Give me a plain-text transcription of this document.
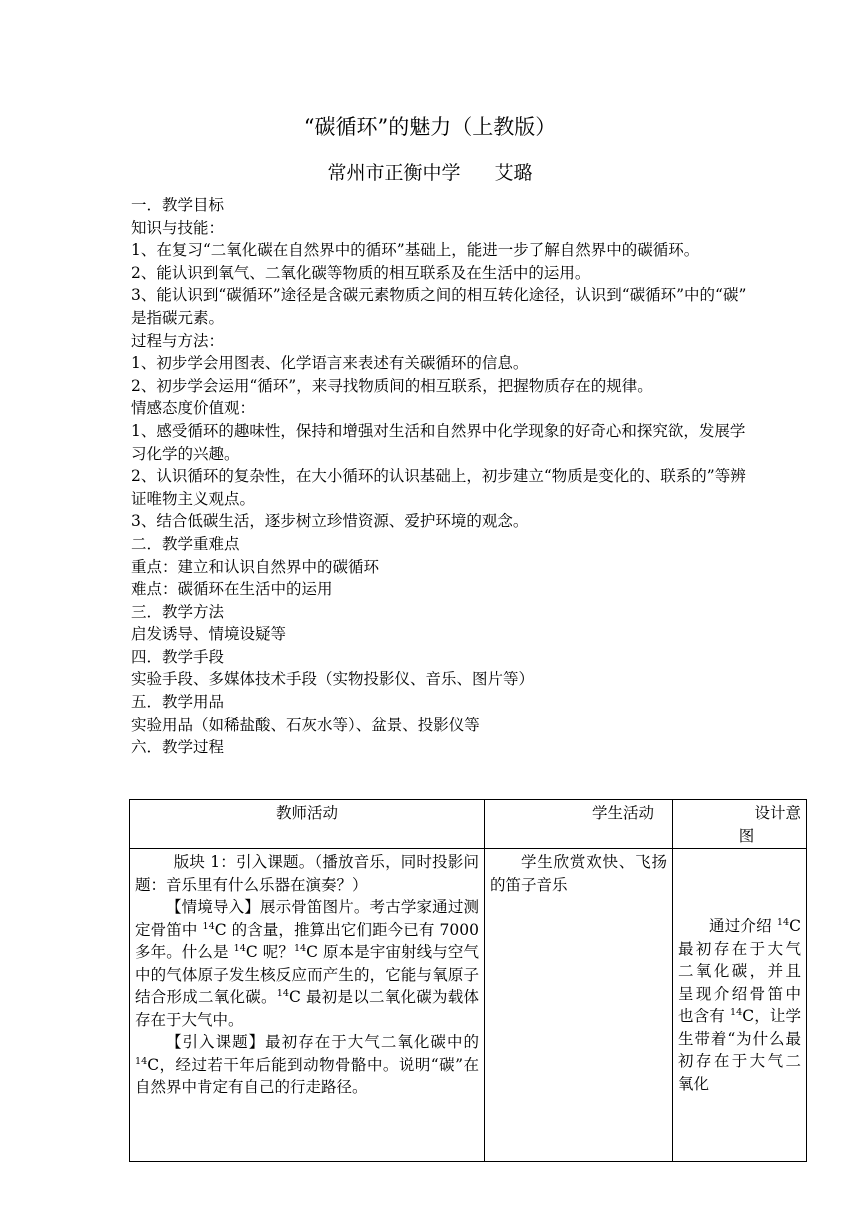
“碳循环”的魅力（上教版）
常州市正衡中学 艾璐

一．教学目标

知识与技能：

1、在复习“二氧化碳在自然界中的循环”基础上，能进一步了解自然界中的碳循环。

2、能认识到氧气、二氧化碳等物质的相互联系及在生活中的运用。

3、能认识到“碳循环”途径是含碳元素物质之间的相互转化途径，认识到“碳循环”中的“碳”

是指碳元素。

过程与方法：

1、初步学会用图表、化学语言来表述有关碳循环的信息。

2、初步学会运用“循环”，来寻找物质间的相互联系，把握物质存在的规律。

情感态度价值观：

1、感受循环的趣味性，保持和增强对生活和自然界中化学现象的好奇心和探究欲，发展学习化学的兴趣。

2、认识循环的复杂性，在大小循环的认识基础上，初步建立“物质是变化的、联系的”等辨证唯物主义观点。

3、结合低碳生活，逐步树立珍惜资源、爱护环境的观念。

二．教学重难点

重点：建立和认识自然界中的碳循环

难点：碳循环在生活中的运用

三．教学方法

启发诱导、情境设疑等

四．教学手段

实验手段、多媒体技术手段（实物投影仪、音乐、图片等）

五．教学用品

实验用品（如稀盐酸、石灰水等）、盆景、投影仪等

六．教学过程

教师活动	学生活动	设计意
图

版块 1：引入课题。（播放音乐，同时投影问题：音乐里有什么乐器在演奏？）

【情境导入】展示骨笛图片。考古学家通过测定骨笛中 $^{14}$C 的含量，推算出它们距今已有 7000 多年。什么是 $^{14}$C 呢？$^{14}$C 原本是宇宙射线与空气中的气体原子发生核反应而产生的，它能与氧原子结合形成二氧化碳。$^{14}$C 最初是以二氧化碳为载体存在于大气中。

【引入课题】最初存在于大气二氧化碳中的 $^{14}$C，经过若干年后能到动物骨骼中。说明“碳”在自然界中肯定有自己的行走路径。	学生欣赏欢快、飞扬的笛子音乐	通过介绍 $^{14}$C 最初存在于大气二氧化碳，并且呈现介绍骨笛中也含有 $^{14}$C，让学生带着“为什么最初存在于大气二氧化
